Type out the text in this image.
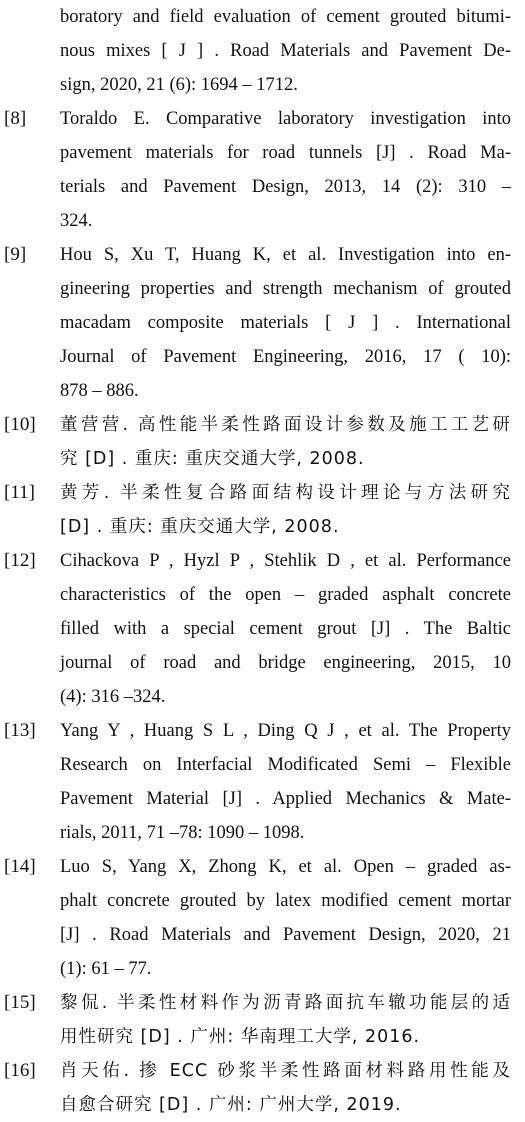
boratory and field evaluation of cement grouted bitumi-
nous mixes [ J ] . Road Materials and Pavement De-
sign, 2020, 21 (6): 1694 – 1712.
[8]	Toraldo E. Comparative laboratory investigation into
pavement materials for road tunnels [J] . Road Ma-
terials and Pavement Design, 2013, 14 (2): 310 –
324.
[9]	Hou S, Xu T, Huang K, et al. Investigation into en-
gineering properties and strength mechanism of grouted
macadam composite materials [ J ] . International
Journal of Pavement Engineering, 2016, 17 ( 10):
878 – 886.
[10]	董营营. 高性能半柔性路面设计参数及施工工艺研
究 [D] . 重庆: 重庆交通大学, 2008.
[11]	黄芳. 半柔性复合路面结构设计理论与方法研究
[D] . 重庆: 重庆交通大学, 2008.
[12]	Cihackova P , Hyzl P , Stehlik D , et al. Performance
characteristics of the open – graded asphalt concrete
filled with a special cement grout [J] . The Baltic
journal of road and bridge engineering, 2015, 10
(4): 316 –324.
[13]	Yang Y , Huang S L , Ding Q J , et al. The Property
Research on Interfacial Modificated Semi – Flexible
Pavement Material [J] . Applied Mechanics & Mate-
rials, 2011, 71 –78: 1090 – 1098.
[14]	Luo S, Yang X, Zhong K, et al. Open – graded as-
phalt concrete grouted by latex modified cement mortar
[J] . Road Materials and Pavement Design, 2020, 21
(1): 61 – 77.
[15]	黎侃. 半柔性材料作为沥青路面抗车辙功能层的适
用性研究 [D] . 广州: 华南理工大学, 2016.
[16]	肖天佑. 掺 ECC 砂浆半柔性路面材料路用性能及
自愈合研究 [D] . 广州: 广州大学, 2019.
